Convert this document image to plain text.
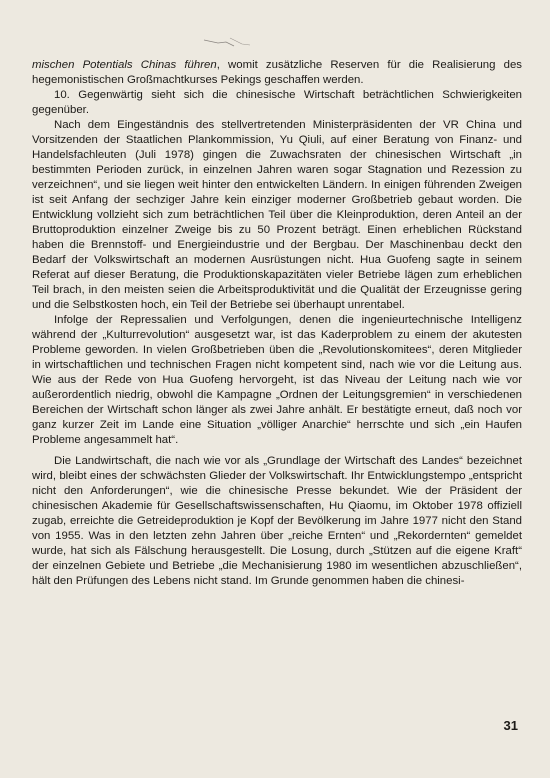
mischen Potentials Chinas führen, womit zusätzliche Reserven für die Realisierung des hegemonistischen Großmachtkurses Pekings geschaffen werden.

10. Gegenwärtig sieht sich die chinesische Wirtschaft beträchtlichen Schwierigkeiten gegenüber.

Nach dem Eingeständnis des stellvertretenden Ministerpräsidenten der VR China und Vorsitzenden der Staatlichen Plankommission, Yu Qiuli, auf einer Beratung von Finanz- und Handelsfachleuten (Juli 1978) gingen die Zuwachsraten der chinesischen Wirtschaft „in bestimmten Perioden zurück, in einzelnen Jahren waren sogar Stagnation und Rezession zu verzeichnen“, und sie liegen weit hinter den entwickelten Ländern. In einigen führenden Zweigen ist seit Anfang der sechziger Jahre kein einziger moderner Großbetrieb gebaut worden. Die Entwicklung vollzieht sich zum beträchtlichen Teil über die Kleinproduktion, deren Anteil an der Bruttoproduktion einzelner Zweige bis zu 50 Prozent beträgt. Einen erheblichen Rückstand haben die Brennstoff- und Energieindustrie und der Bergbau. Der Maschinenbau deckt den Bedarf der Volkswirtschaft an modernen Ausrüstungen nicht. Hua Guofeng sagte in seinem Referat auf dieser Beratung, die Produktionskapazitäten vieler Betriebe lägen zum erheblichen Teil brach, in den meisten seien die Arbeitsproduktivität und die Qualität der Erzeugnisse gering und die Selbstkosten hoch, ein Teil der Betriebe sei überhaupt unrentabel.

Infolge der Repressalien und Verfolgungen, denen die ingenieurtechnische Intelligenz während der „Kulturrevolution“ ausgesetzt war, ist das Kaderproblem zu einem der akutesten Probleme geworden. In vielen Großbetrieben üben die „Revolutionskomitees“, deren Mitglieder in wirtschaftlichen und technischen Fragen nicht kompetent sind, nach wie vor die Leitung aus. Wie aus der Rede von Hua Guofeng hervorgeht, ist das Niveau der Leitung nach wie vor außerordentlich niedrig, obwohl die Kampagne „Ordnen der Leitungsgremien“ in verschiedenen Bereichen der Wirtschaft schon länger als zwei Jahre anhält. Er bestätigte erneut, daß noch vor ganz kurzer Zeit im Lande eine Situation „völliger Anarchie“ herrschte und sich „ein Haufen Probleme angesammelt hat“.

Die Landwirtschaft, die nach wie vor als „Grundlage der Wirtschaft des Landes“ bezeichnet wird, bleibt eines der schwächsten Glieder der Volkswirtschaft. Ihr Entwicklungstempo „entspricht nicht den Anforderungen“, wie die chinesische Presse bekundet. Wie der Präsident der chinesischen Akademie für Gesellschaftswissenschaften, Hu Qiaomu, im Oktober 1978 offiziell zugab, erreichte die Getreideproduktion je Kopf der Bevölkerung im Jahre 1977 nicht den Stand von 1955. Was in den letzten zehn Jahren über „reiche Ernten“ und „Rekordernten“ gemeldet wurde, hat sich als Fälschung herausgestellt. Die Losung, durch „Stützen auf die eigene Kraft“ der einzelnen Gebiete und Betriebe „die Mechanisierung 1980 im wesentlichen abzuschließen“, hält den Prüfungen des Lebens nicht stand. Im Grunde genommen haben die chinesi-

31
